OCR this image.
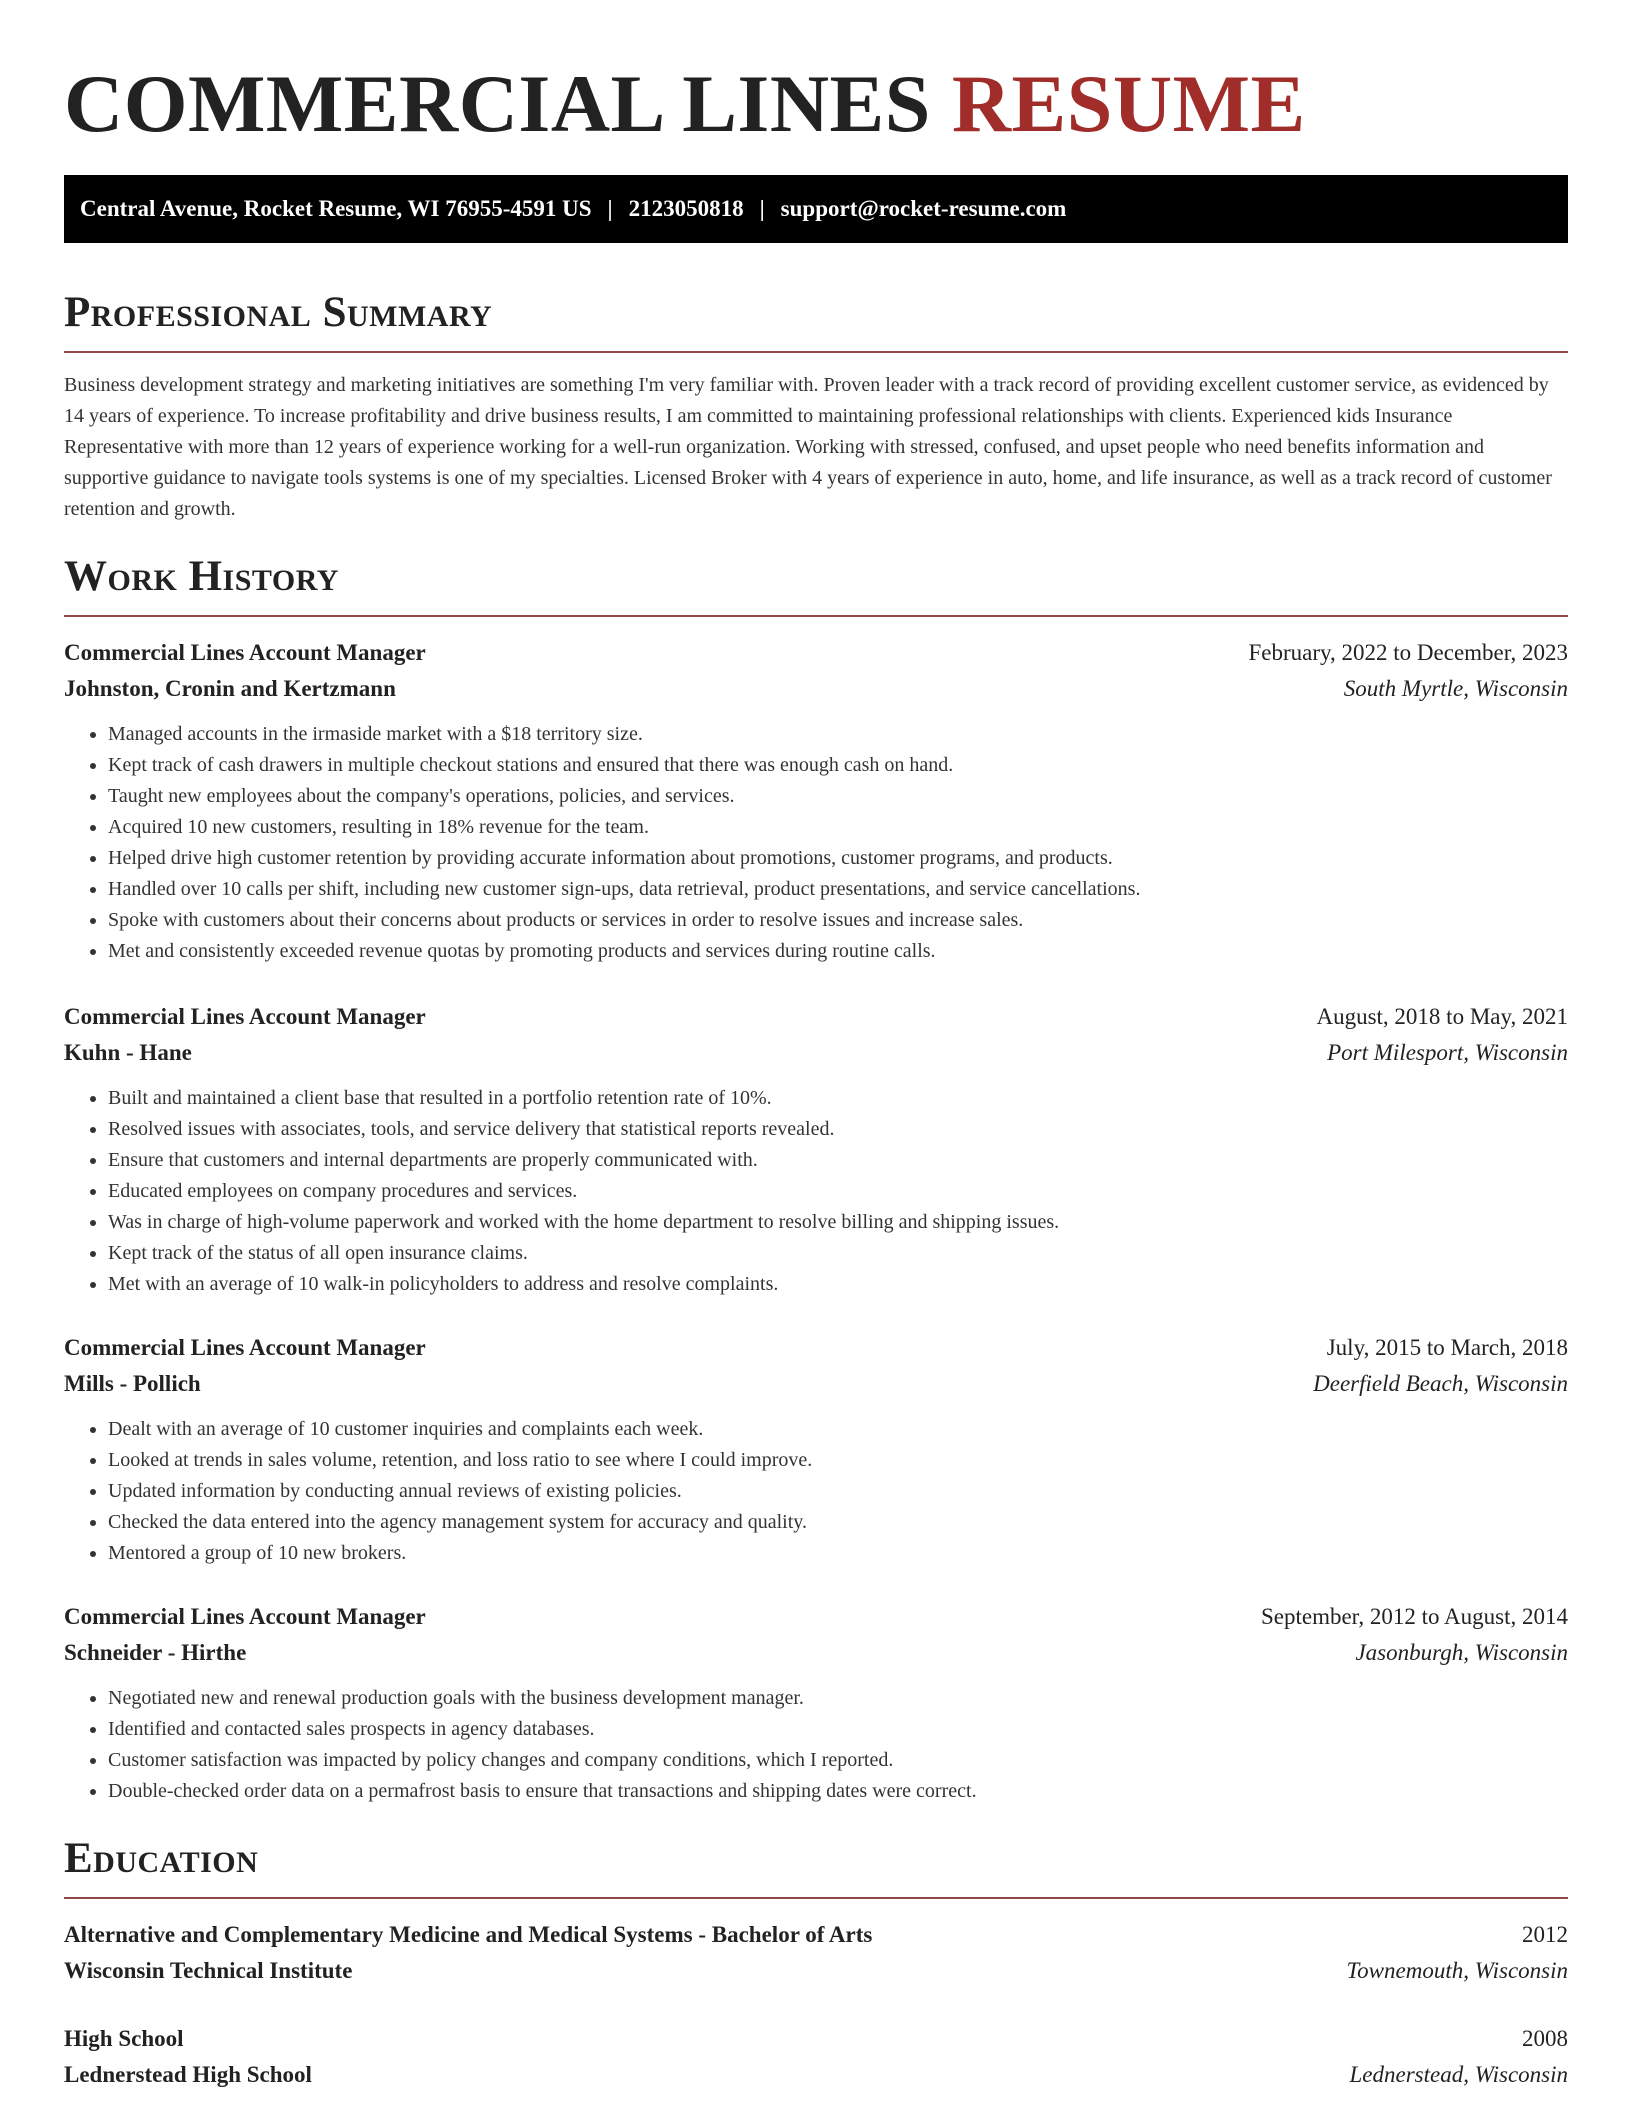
COMMERCIAL LINES RESUME
Central Avenue, Rocket Resume, WI 76955-4591 US | 2123050818 | support@rocket-resume.com
Professional Summary

Business development strategy and marketing initiatives are something I'm very familiar with. Proven leader with a track record of providing excellent customer service, as evidenced by 14 years of experience. To increase profitability and drive business results, I am committed to maintaining professional relationships with clients. Experienced kids Insurance Representative with more than 12 years of experience working for a well-run organization. Working with stressed, confused, and upset people who need benefits information and supportive guidance to navigate tools systems is one of my specialties. Licensed Broker with 4 years of experience in auto, home, and life insurance, as well as a track record of customer retention and growth.

Work History
Commercial Lines Account Manager	February, 2022 to December, 2023
Johnston, Cronin and Kertzmann	South Myrtle, Wisconsin
• Managed accounts in the irmaside market with a $18 territory size.
• Kept track of cash drawers in multiple checkout stations and ensured that there was enough cash on hand.
• Taught new employees about the company's operations, policies, and services.
• Acquired 10 new customers, resulting in 18% revenue for the team.
• Helped drive high customer retention by providing accurate information about promotions, customer programs, and products.
• Handled over 10 calls per shift, including new customer sign-ups, data retrieval, product presentations, and service cancellations.
• Spoke with customers about their concerns about products or services in order to resolve issues and increase sales.
• Met and consistently exceeded revenue quotas by promoting products and services during routine calls.
Commercial Lines Account Manager	August, 2018 to May, 2021
Kuhn - Hane	Port Milesport, Wisconsin
• Built and maintained a client base that resulted in a portfolio retention rate of 10%.
• Resolved issues with associates, tools, and service delivery that statistical reports revealed.
• Ensure that customers and internal departments are properly communicated with.
• Educated employees on company procedures and services.
• Was in charge of high-volume paperwork and worked with the home department to resolve billing and shipping issues.
• Kept track of the status of all open insurance claims.
• Met with an average of 10 walk-in policyholders to address and resolve complaints.
Commercial Lines Account Manager	July, 2015 to March, 2018
Mills - Pollich	Deerfield Beach, Wisconsin
• Dealt with an average of 10 customer inquiries and complaints each week.
• Looked at trends in sales volume, retention, and loss ratio to see where I could improve.
• Updated information by conducting annual reviews of existing policies.
• Checked the data entered into the agency management system for accuracy and quality.
• Mentored a group of 10 new brokers.
Commercial Lines Account Manager	September, 2012 to August, 2014
Schneider - Hirthe	Jasonburgh, Wisconsin
• Negotiated new and renewal production goals with the business development manager.
• Identified and contacted sales prospects in agency databases.
• Customer satisfaction was impacted by policy changes and company conditions, which I reported.
• Double-checked order data on a permafrost basis to ensure that transactions and shipping dates were correct.
Education
Alternative and Complementary Medicine and Medical Systems - Bachelor of Arts	2012
Wisconsin Technical Institute	Townemouth, Wisconsin
High School	2008
Lednerstead High School	Lednerstead, Wisconsin
